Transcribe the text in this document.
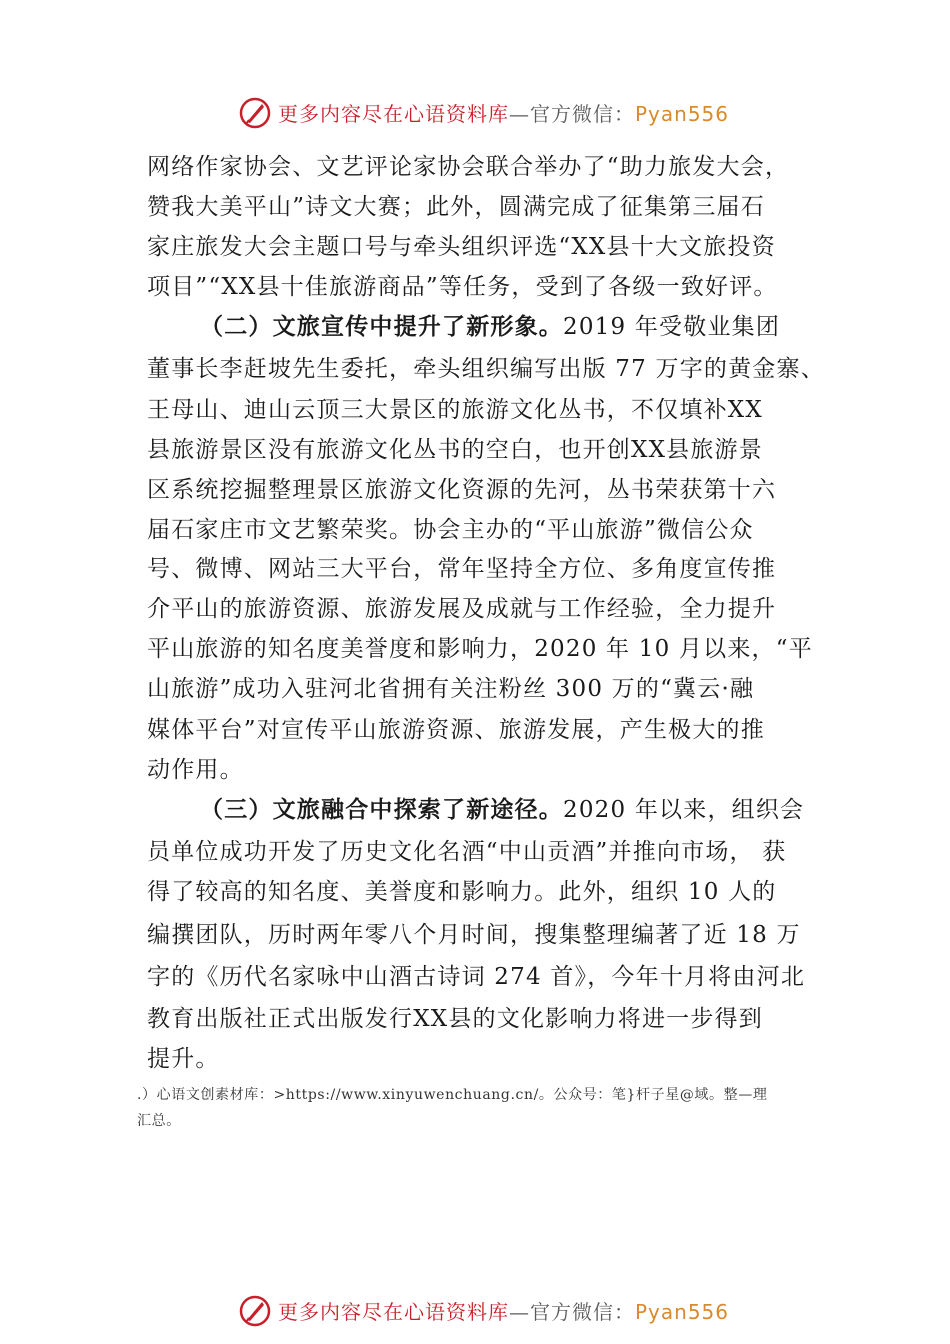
更多内容尽在心语资料库—官方微信：Pyan556
网络作家协会、文艺评论家协会联合举办了“助力旅发大会，
赞我大美平山”诗文大赛；此外，圆满完成了征集第三届石
家庄旅发大会主题口号与牵头组织评选“XX县十大文旅投资
项目”“XX县十佳旅游商品”等任务，受到了各级一致好评。
（二）文旅宣传中提升了新形象。2019 年受敬业集团
董事长李赶坡先生委托，牵头组织编写出版 77 万字的黄金寨、
王母山、迪山云顶三大景区的旅游文化丛书，不仅填补XX
县旅游景区没有旅游文化丛书的空白，也开创XX县旅游景
区系统挖掘整理景区旅游文化资源的先河，丛书荣获第十六
届石家庄市文艺繁荣奖。协会主办的“平山旅游”微信公众
号、微博、网站三大平台，常年坚持全方位、多角度宣传推
介平山的旅游资源、旅游发展及成就与工作经验，全力提升
平山旅游的知名度美誉度和影响力，2020 年 10 月以来，“平
山旅游”成功入驻河北省拥有关注粉丝 300 万的“冀云·融
媒体平台”对宣传平山旅游资源、旅游发展，产生极大的推
动作用。
（三）文旅融合中探索了新途径。2020 年以来，组织会
员单位成功开发了历史文化名酒“中山贡酒”并推向市场， 获
得了较高的知名度、美誉度和影响力。此外，组织 10 人的
编撰团队，历时两年零八个月时间，搜集整理编著了近 18 万
字的《历代名家咏中山酒古诗词 274 首》，今年十月将由河北
教育出版社正式出版发行XX县的文化影响力将进一步得到
提升。
.）心语文创素材库：>https://www.xinyuwenchuang.cn/。公众号：笔}杆子星@域。整—理
汇总。
更多内容尽在心语资料库—官方微信：Pyan556
